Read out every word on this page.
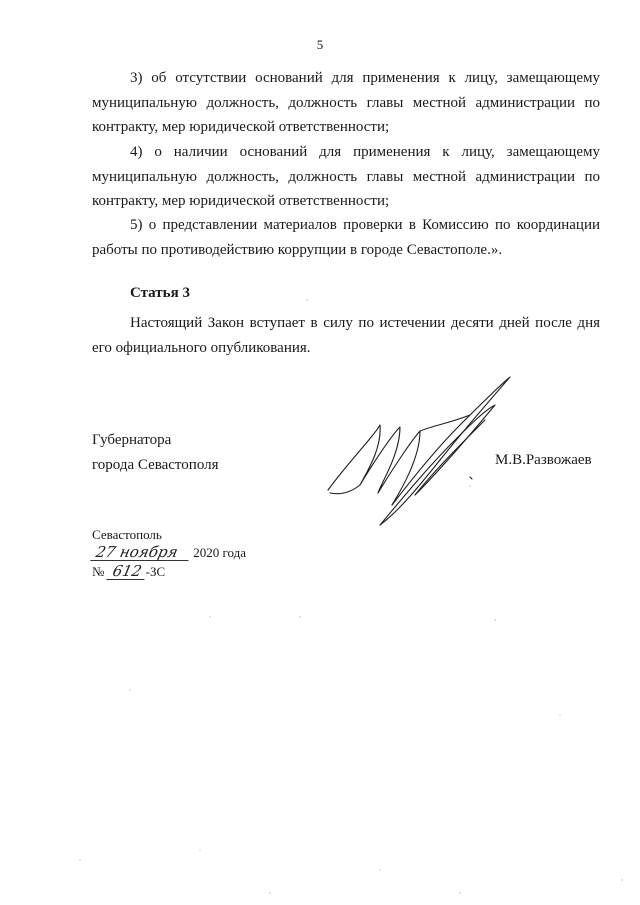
5

3) об отсутствии оснований для применения к лицу, замещающему муниципальную должность, должность главы местной администрации по контракту, мер юридической ответственности;

4) о наличии оснований для применения к лицу, замещающему муниципальную должность, должность главы местной администрации по контракту, мер юридической ответственности;

5) о представлении материалов проверки в Комиссию по координации работы по противодействию коррупции в городе Севастополе.».

Статья 3

Настоящий Закон вступает в силу по истечении десяти дней после дня его официального опубликования.

Губернатора
города Севастополя	М.В.Развожаев
Севастополь
27 ноября 2020 года
№ 612 -ЗС
